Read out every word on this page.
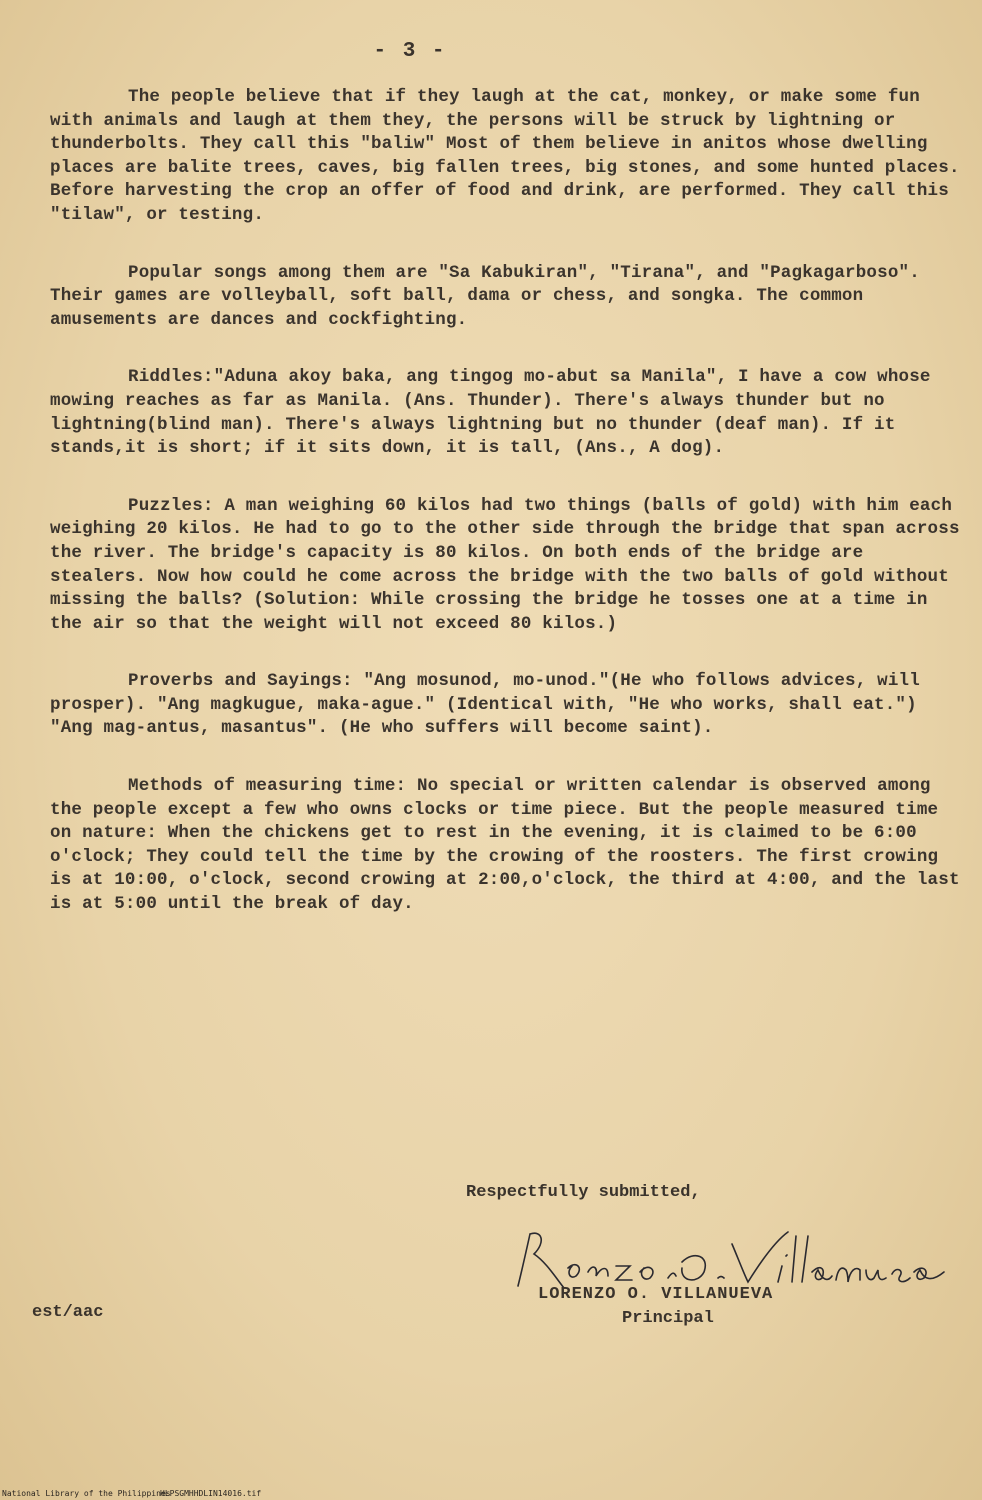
- 3 -

The people believe that if they laugh at the cat, monkey, or make some fun with animals and laugh at them they, the persons will be struck by lightning or thunderbolts. They call this "baliw" Most of them believe in anitos whose dwelling places are balite trees, caves, big fallen trees, big stones, and some hunted places. Before harvesting the crop an offer of food and drink, are performed. They call this "tilaw", or testing.

Popular songs among them are "Sa Kabukiran", "Tirana", and "Pagkagarboso". Their games are volleyball, soft ball, dama or chess, and songka. The common amusements are dances and cockfighting.

Riddles:"Aduna akoy baka, ang tingog mo-abut sa Manila", I have a cow whose mowing reaches as far as Manila. (Ans. Thunder). There's always thunder but no lightning(blind man). There's always lightning but no thunder (deaf man). If it stands,it is short; if it sits down, it is tall, (Ans., A dog).

Puzzles: A man weighing 60 kilos had two things (balls of gold) with him each weighing 20 kilos. He had to go to the other side through the bridge that span across the river. The bridge's capacity is 80 kilos. On both ends of the bridge are stealers. Now how could he come across the bridge with the two balls of gold without missing the balls? (Solution: While crossing the bridge he tosses one at a time in the air so that the weight will not exceed 80 kilos.)

Proverbs and Sayings: "Ang mosunod, mo-unod."(He who follows advices, will prosper). "Ang magkugue, maka-ague." (Identical with, "He who works, shall eat.") "Ang mag-antus, masantus". (He who suffers will become saint).

Methods of measuring time: No special or written calendar is observed among the people except a few who owns clocks or time piece. But the people measured time on nature: When the chickens get to rest in the evening, it is claimed to be 6:00 o'clock; They could tell the time by the crowing of the roosters. The first crowing is at 10:00, o'clock, second crowing at 2:00,o'clock, the third at 4:00, and the last is at 5:00 until the break of day.

Respectfully submitted,
LORENZO O. VILLANUEVA
Principal
est/aac
National Library of the Philippines
HLPSGMHHDLIN14016.tif
